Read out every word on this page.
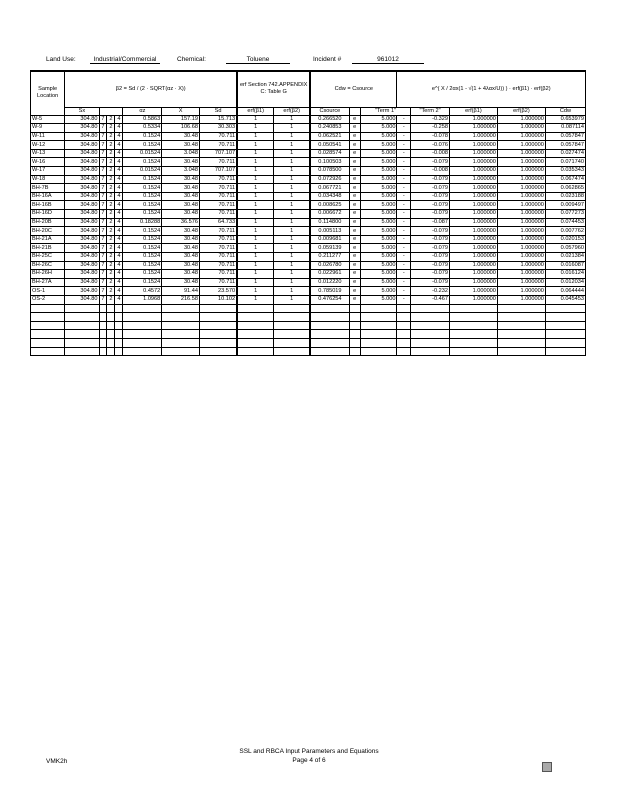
Land Use:	Industrial/Commercial	Chemical:	Toluene	Incident #	961012
Sample Location	β2 = Sd / (2 · SQRT(αz · X))							erf Section 742.APPENDIX C: Table G		Cdw = Csource			e^( X / 2αx(1 - √(1 + 4λαx/U)) ) · erf(β1) · erf(β2)				
	Sx				αz	X	Sd	erf(β1)	erf(β2)	Csource		"Term 1"		"Term 2"	erf(β1)	erf(β2)	Cdw
W-5	304.80	7	2	4	0.5863	157.19	15.713	1	1	0.266520	e	5.000	-	-0.329	1.000000	1.000000	0.653979
W-9	304.80	7	2	4	0.5334	106.68	30.303	1	1	0.240853	e	5.000	-	-0.258	1.000000	1.000000	0.087114
W-11	304.80	7	2	4	0.1524	30.48	70.711	1	1	0.062521	e	5.000	-	-0.078	1.000000	1.000000	0.057847
W-12	304.80	7	2	4	0.1524	30.48	70.711	1	1	0.050541	e	5.000	-	-0.076	1.000000	1.000000	0.057847
W-13	304.80	7	2	4	0.01524	3.048	707.107	1	1	0.028574	e	5.000	-	-0.008	1.000000	1.000000	0.027474
W-16	304.80	7	2	4	0.1524	30.48	70.711	1	1	0.100503	e	5.000	-	-0.079	1.000000	1.000000	0.071740
W-17	304.80	7	2	4	0.01524	3.048	707.107	1	1	0.078500	e	5.000	-	-0.008	1.000000	1.000000	0.035343
W-18	304.80	7	2	4	0.1524	30.48	70.711	1	1	0.072926	e	5.000	-	-0.079	1.000000	1.000000	0.067474
BH-7B	304.80	7	2	4	0.1524	30.48	70.711	1	1	0.067721	e	5.000	-	-0.079	1.000000	1.000000	0.062865
BH-16A	304.80	7	2	4	0.1524	30.48	70.711	1	1	0.034348	e	5.000	-	-0.079	1.000000	1.000000	0.023188
BH-16B	304.80	7	2	4	0.1524	30.48	70.711	1	1	0.008625	e	5.000	-	-0.079	1.000000	1.000000	0.009497
BH-16D	304.80	7	2	4	0.1524	30.48	70.711	1	1	0.006672	e	5.000	-	-0.079	1.000000	1.000000	0.077273
BH-20B	304.80	7	2	4	0.18288	36.576	64.733	1	1	0.114800	e	5.000	-	-0.087	1.000000	1.000000	0.074453
BH-20C	304.80	7	2	4	0.1524	30.48	70.711	1	1	0.005113	e	5.000	-	-0.079	1.000000	1.000000	0.007762
BH-21A	304.80	7	2	4	0.1524	30.48	70.711	1	1	0.009681	e	5.000	-	-0.079	1.000000	1.000000	0.020153
BH-21B	304.80	7	2	4	0.1524	30.48	70.711	1	1	0.059139	e	5.000	-	-0.079	1.000000	1.000000	0.057960
BH-25C	304.80	7	2	4	0.1524	30.48	70.711	1	1	0.211277	e	5.000	-	-0.079	1.000000	1.000000	0.021384
BH-26C	304.80	7	2	4	0.1524	30.48	70.711	1	1	0.026780	e	5.000	-	-0.079	1.000000	1.000000	0.016087
BH-26H	304.80	7	2	4	0.1524	30.48	70.711	1	1	0.022961	e	5.000	-	-0.079	1.000000	1.000000	0.016124
BH-27A	304.80	7	2	4	0.1524	30.48	70.711	1	1	0.012220	e	5.000	-	-0.079	1.000000	1.000000	0.012034
OS-1	304.80	7	2	4	0.4572	91.44	23.570	1	1	0.785019	e	5.000	-	-0.232	1.000000	1.000000	0.064444
OS-2	304.80	7	2	4	1.0968	216.58	10.102	1	1	0.476254	e	5.000	-	-0.467	1.000000	1.000000	0.045453

VMK2h
SSL and RBCA Input Parameters and Equations
Page 4 of 6
